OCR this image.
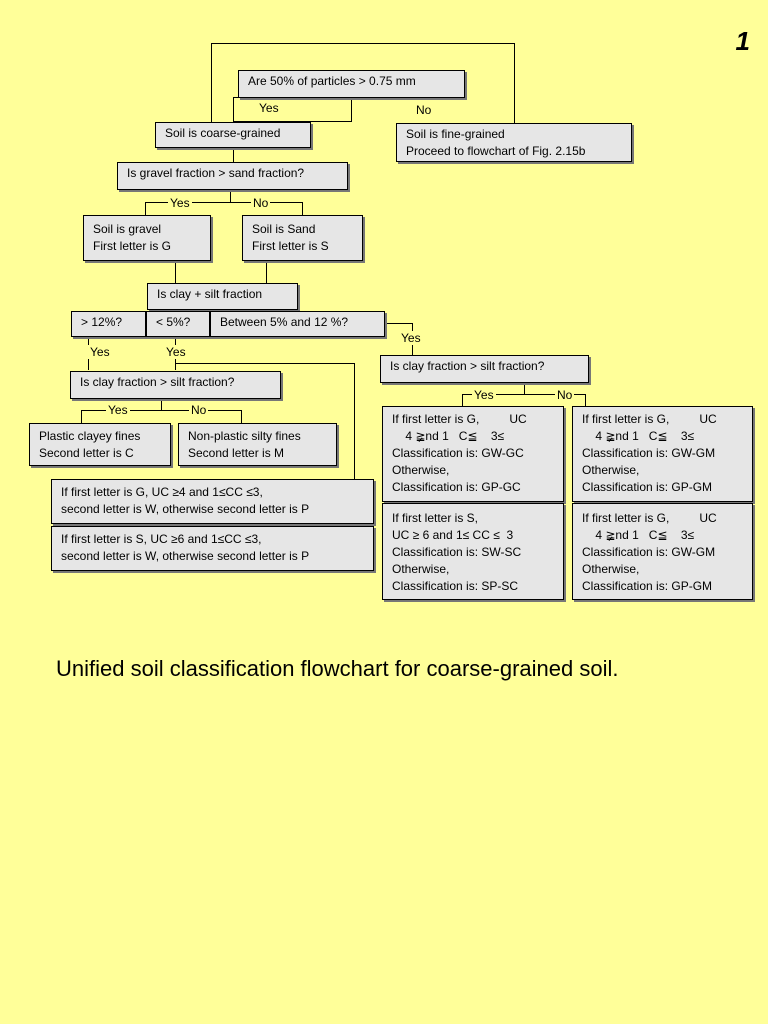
1
Are 50% of particles > 0.75 mm
Soil is coarse-grained	Soil is fine-grained
Proceed to flowchart of Fig. 2.15b
Is gravel fraction > sand fraction?
Soil is gravel
First letter is G
Soil is Sand
First letter is S
Is clay + silt fraction
> 12%?	< 5%?	Between 5% and 12 %?
Is clay fraction > silt fraction?
Plastic clayey fines
Second letter is C
Non-plastic silty fines
Second letter is M
If first letter is G, UC ≥4 and 1≤CC ≤3,
second letter is W, otherwise second letter is P
If first letter is S, UC ≥6 and 1≤CC ≤3,
second letter is W, otherwise second letter is P
Is clay fraction > silt fraction?
If first letter is G,         UC
4 ≩nd 1   C≦    3≤
Classification is: GW-GC
Otherwise,
Classification is: GP-GC
If first letter is S,
UC ≥ 6 and 1≤ CC ≤  3
Classification is: SW-SC
Otherwise,
Classification is: SP-SC
If first letter is G,         UC
4 ≩nd 1   C≦    3≤
Classification is: GW-GM
Otherwise,
Classification is: GP-GM
If first letter is G,         UC
4 ≩nd 1   C≦    3≤
Classification is: GW-GM
Otherwise,
Classification is: GP-GM
Yes	No
Yes	No
Yes	Yes
Yes
Yes	No
Yes	No
Unified soil classification flowchart for coarse-grained soil.
